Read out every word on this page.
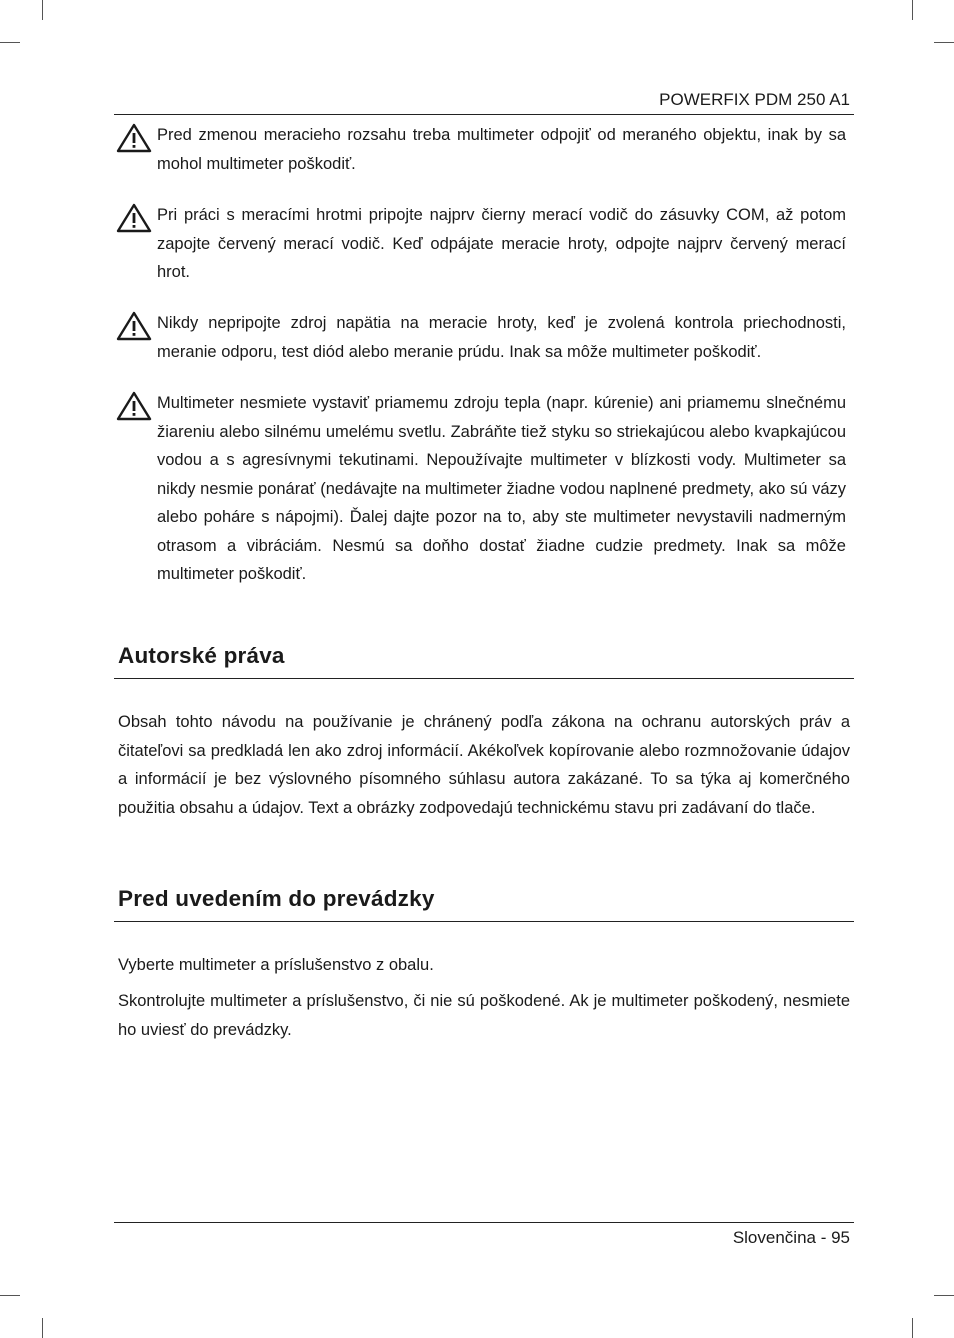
POWERFIX PDM 250 A1
Pred zmenou meracieho rozsahu treba multimeter odpojiť od meraného objektu, inak by sa mohol multimeter poškodiť.
Pri práci s meracími hrotmi pripojte najprv čierny merací vodič do zásuvky COM, až potom zapojte červený merací vodič. Keď odpájate meracie hroty, odpojte najprv červený merací hrot.
Nikdy nepripojte zdroj napätia na meracie hroty, keď je zvolená kontrola priechodnosti, meranie odporu, test diód alebo meranie prúdu. Inak sa môže multimeter poškodiť.
Multimeter nesmiete vystaviť priamemu zdroju tepla (napr. kúrenie) ani priamemu slnečnému žiareniu alebo silnému umelému svetlu. Zabráňte tiež styku so striekajúcou alebo kvapkajúcou vodou a s agresívnymi tekutinami. Nepoužívajte multimeter v blízkosti vody. Multimeter sa nikdy nesmie ponárať (nedávajte na multimeter žiadne vodou naplnené predmety, ako sú vázy alebo poháre s nápojmi). Ďalej dajte pozor na to, aby ste multimeter nevystavili nadmerným otrasom a vibráciám. Nesmú sa doňho dostať žiadne cudzie predmety. Inak sa môže multimeter poškodiť.
Autorské práva
Obsah tohto návodu na používanie je chránený podľa zákona na ochranu autorských práv a čitateľovi sa predkladá len ako zdroj informácií. Akékoľvek kopírovanie alebo rozmnožovanie údajov a informácií je bez výslovného písomného súhlasu autora zakázané. To sa týka aj komerčného použitia obsahu a údajov. Text a obrázky zodpovedajú technickému stavu pri zadávaní do tlače.
Pred uvedením do prevádzky
Vyberte multimeter a príslušenstvo z obalu.
Skontrolujte multimeter a príslušenstvo, či nie sú poškodené. Ak je multimeter poškodený, nesmiete ho uviesť do prevádzky.
Slovenčina - 95
